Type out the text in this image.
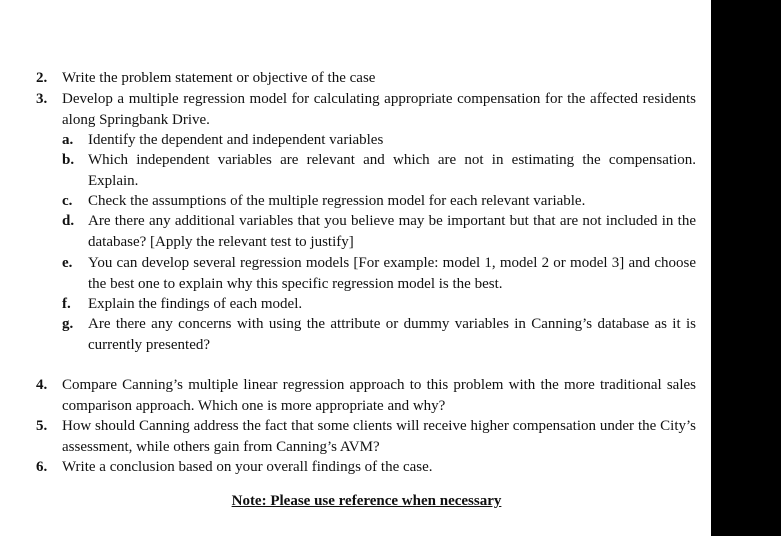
2. Write the problem statement or objective of the case
3. Develop a multiple regression model for calculating appropriate compensation for the affected residents along Springbank Drive.
a. Identify the dependent and independent variables
b. Which independent variables are relevant and which are not in estimating the compensation. Explain.
c. Check the assumptions of the multiple regression model for each relevant variable.
d. Are there any additional variables that you believe may be important but that are not included in the database? [Apply the relevant test to justify]
e. You can develop several regression models [For example: model 1, model 2 or model 3] and choose the best one to explain why this specific regression model is the best.
f. Explain the findings of each model.
g. Are there any concerns with using the attribute or dummy variables in Canning’s database as it is currently presented?
4. Compare Canning’s multiple linear regression approach to this problem with the more traditional sales comparison approach. Which one is more appropriate and why?
5. How should Canning address the fact that some clients will receive higher compensation under the City’s assessment, while others gain from Canning’s AVM?
6. Write a conclusion based on your overall findings of the case.
Note: Please use reference when necessary
